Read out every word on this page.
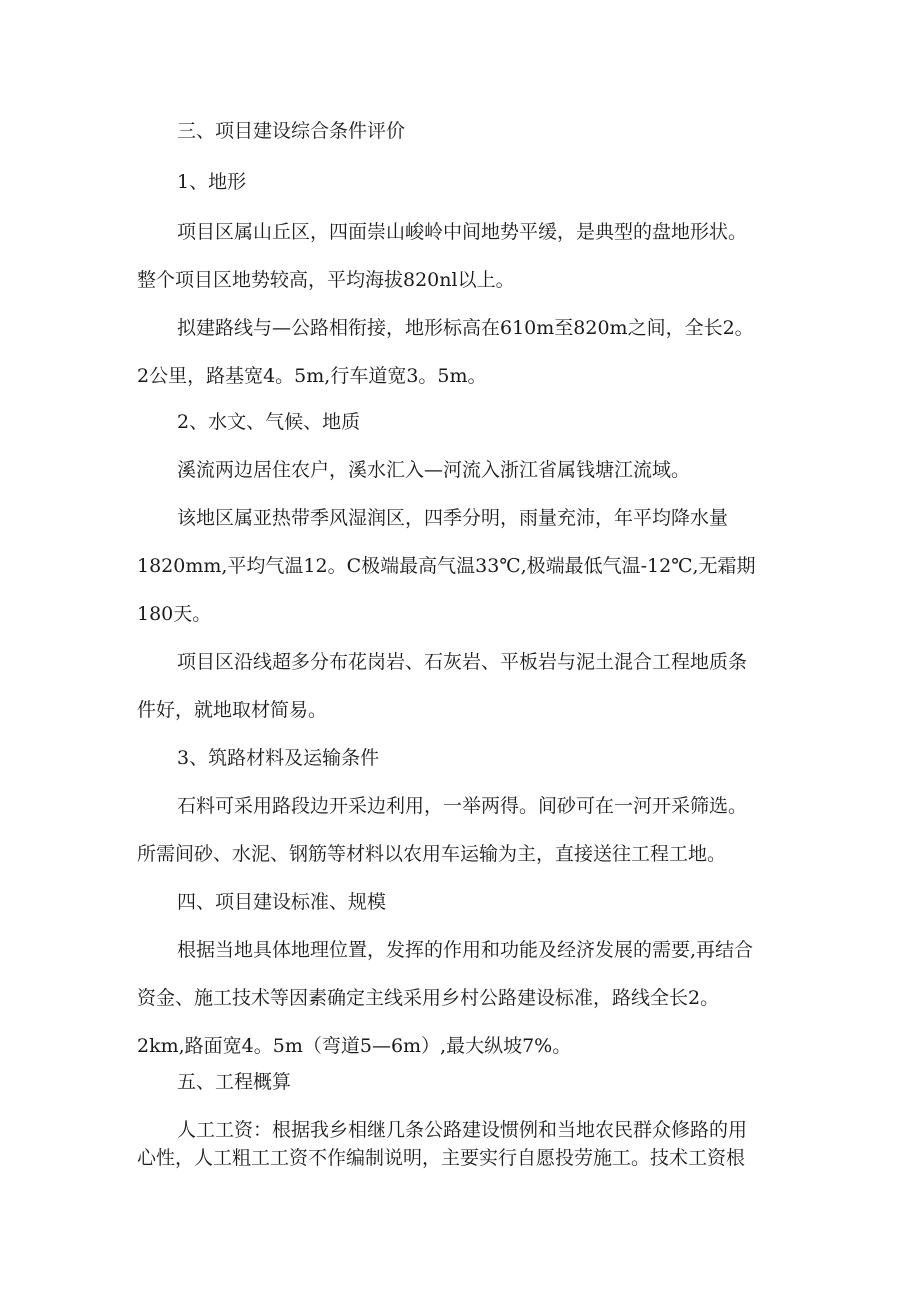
三、项目建设综合条件评价
1、地形
项目区属山丘区，四面崇山峻岭中间地势平缓，是典型的盘地形状。
整个项目区地势较高，平均海拔820nl以上。
拟建路线与—公路相衔接，地形标高在610m至820m之间，全长2。
2公里，路基宽4。5m,行车道宽3。5m。
2、水文、气候、地质
溪流两边居住农户，溪水汇入—河流入浙江省属钱塘江流域。
该地区属亚热带季风湿润区，四季分明，雨量充沛，年平均降水量
1820mm,平均气温12。C极端最高气温33℃,极端最低气温-12℃,无霜期
180天。
项目区沿线超多分布花岗岩、石灰岩、平板岩与泥土混合工程地质条
件好，就地取材简易。
3、筑路材料及运输条件
石料可采用路段边开采边利用，一举两得。间砂可在一河开采筛选。
所需间砂、水泥、钢筋等材料以农用车运输为主，直接送往工程工地。
四、项目建设标准、规模
根据当地具体地理位置，发挥的作用和功能及经济发展的需要,再结合
资金、施工技术等因素确定主线采用乡村公路建设标准，路线全长2。
2km,路面宽4。5m（弯道5—6m）,最大纵坡7%。
五、工程概算
人工工资：根据我乡相继几条公路建设惯例和当地农民群众修路的用
心性，人工粗工工资不作编制说明，主要实行自愿投劳施工。技术工资根
